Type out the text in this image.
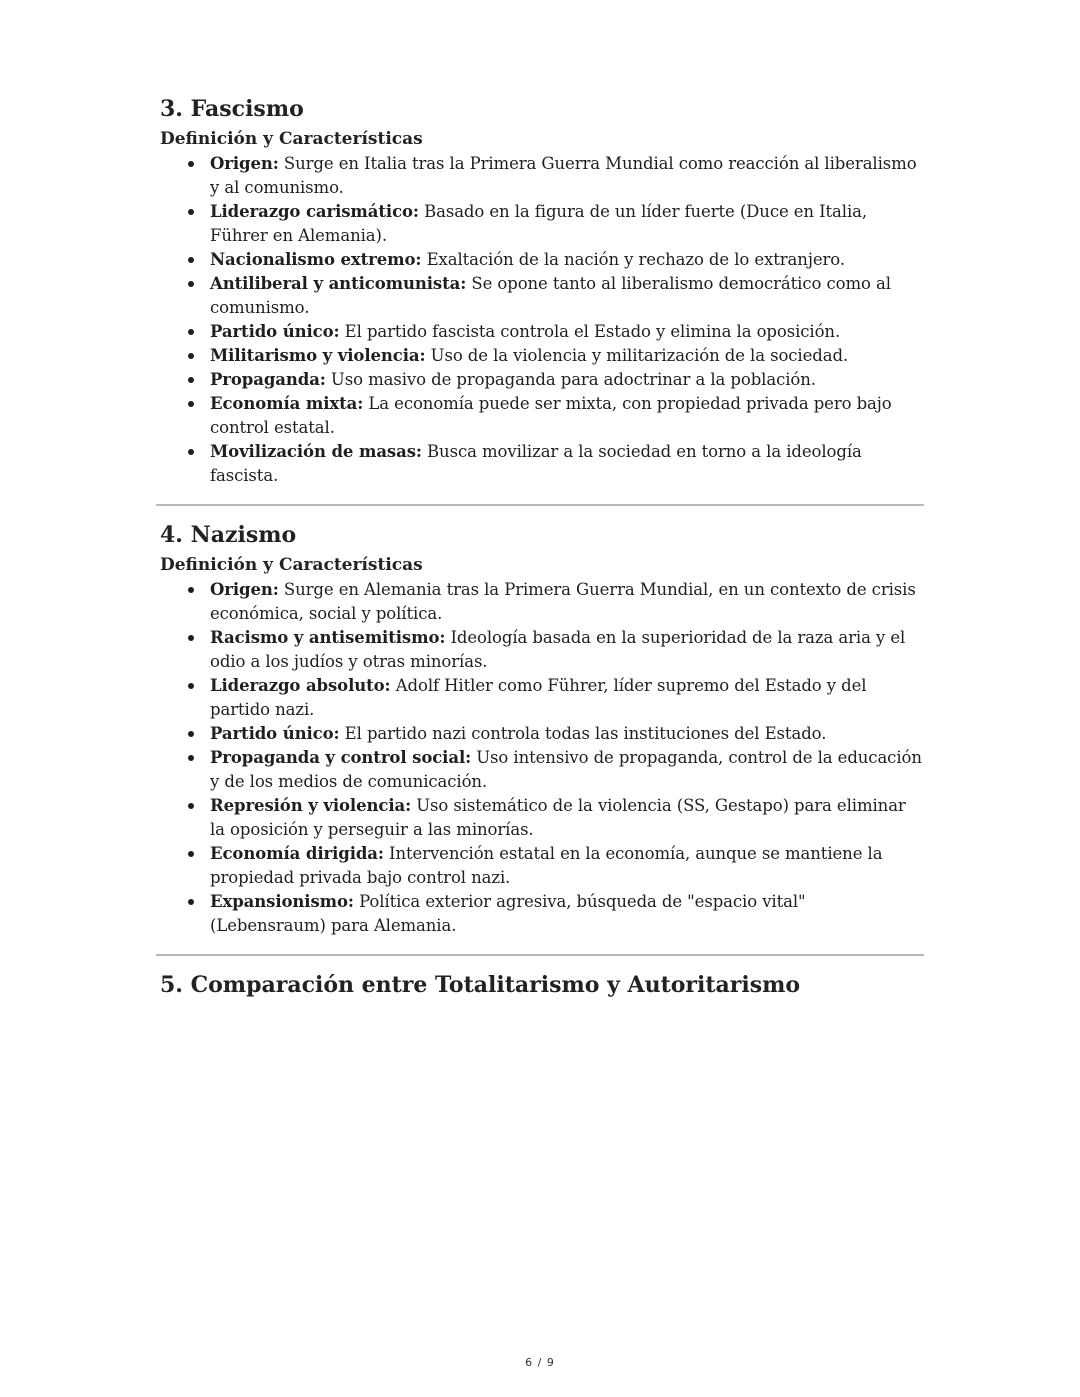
3. Fascismo
Definición y Características
Origen: Surge en Italia tras la Primera Guerra Mundial como reacción al liberalismo y al comunismo.
Liderazgo carismático: Basado en la figura de un líder fuerte (Duce en Italia, Führer en Alemania).
Nacionalismo extremo: Exaltación de la nación y rechazo de lo extranjero.
Antiliberal y anticomunista: Se opone tanto al liberalismo democrático como al comunismo.
Partido único: El partido fascista controla el Estado y elimina la oposición.
Militarismo y violencia: Uso de la violencia y militarización de la sociedad.
Propaganda: Uso masivo de propaganda para adoctrinar a la población.
Economía mixta: La economía puede ser mixta, con propiedad privada pero bajo control estatal.
Movilización de masas: Busca movilizar a la sociedad en torno a la ideología fascista.
4. Nazismo
Definición y Características
Origen: Surge en Alemania tras la Primera Guerra Mundial, en un contexto de crisis económica, social y política.
Racismo y antisemitismo: Ideología basada en la superioridad de la raza aria y el odio a los judíos y otras minorías.
Liderazgo absoluto: Adolf Hitler como Führer, líder supremo del Estado y del partido nazi.
Partido único: El partido nazi controla todas las instituciones del Estado.
Propaganda y control social: Uso intensivo de propaganda, control de la educación y de los medios de comunicación.
Represión y violencia: Uso sistemático de la violencia (SS, Gestapo) para eliminar la oposición y perseguir a las minorías.
Economía dirigida: Intervención estatal en la economía, aunque se mantiene la propiedad privada bajo control nazi.
Expansionismo: Política exterior agresiva, búsqueda de "espacio vital" (Lebensraum) para Alemania.
5. Comparación entre Totalitarismo y Autoritarismo
6 / 9
